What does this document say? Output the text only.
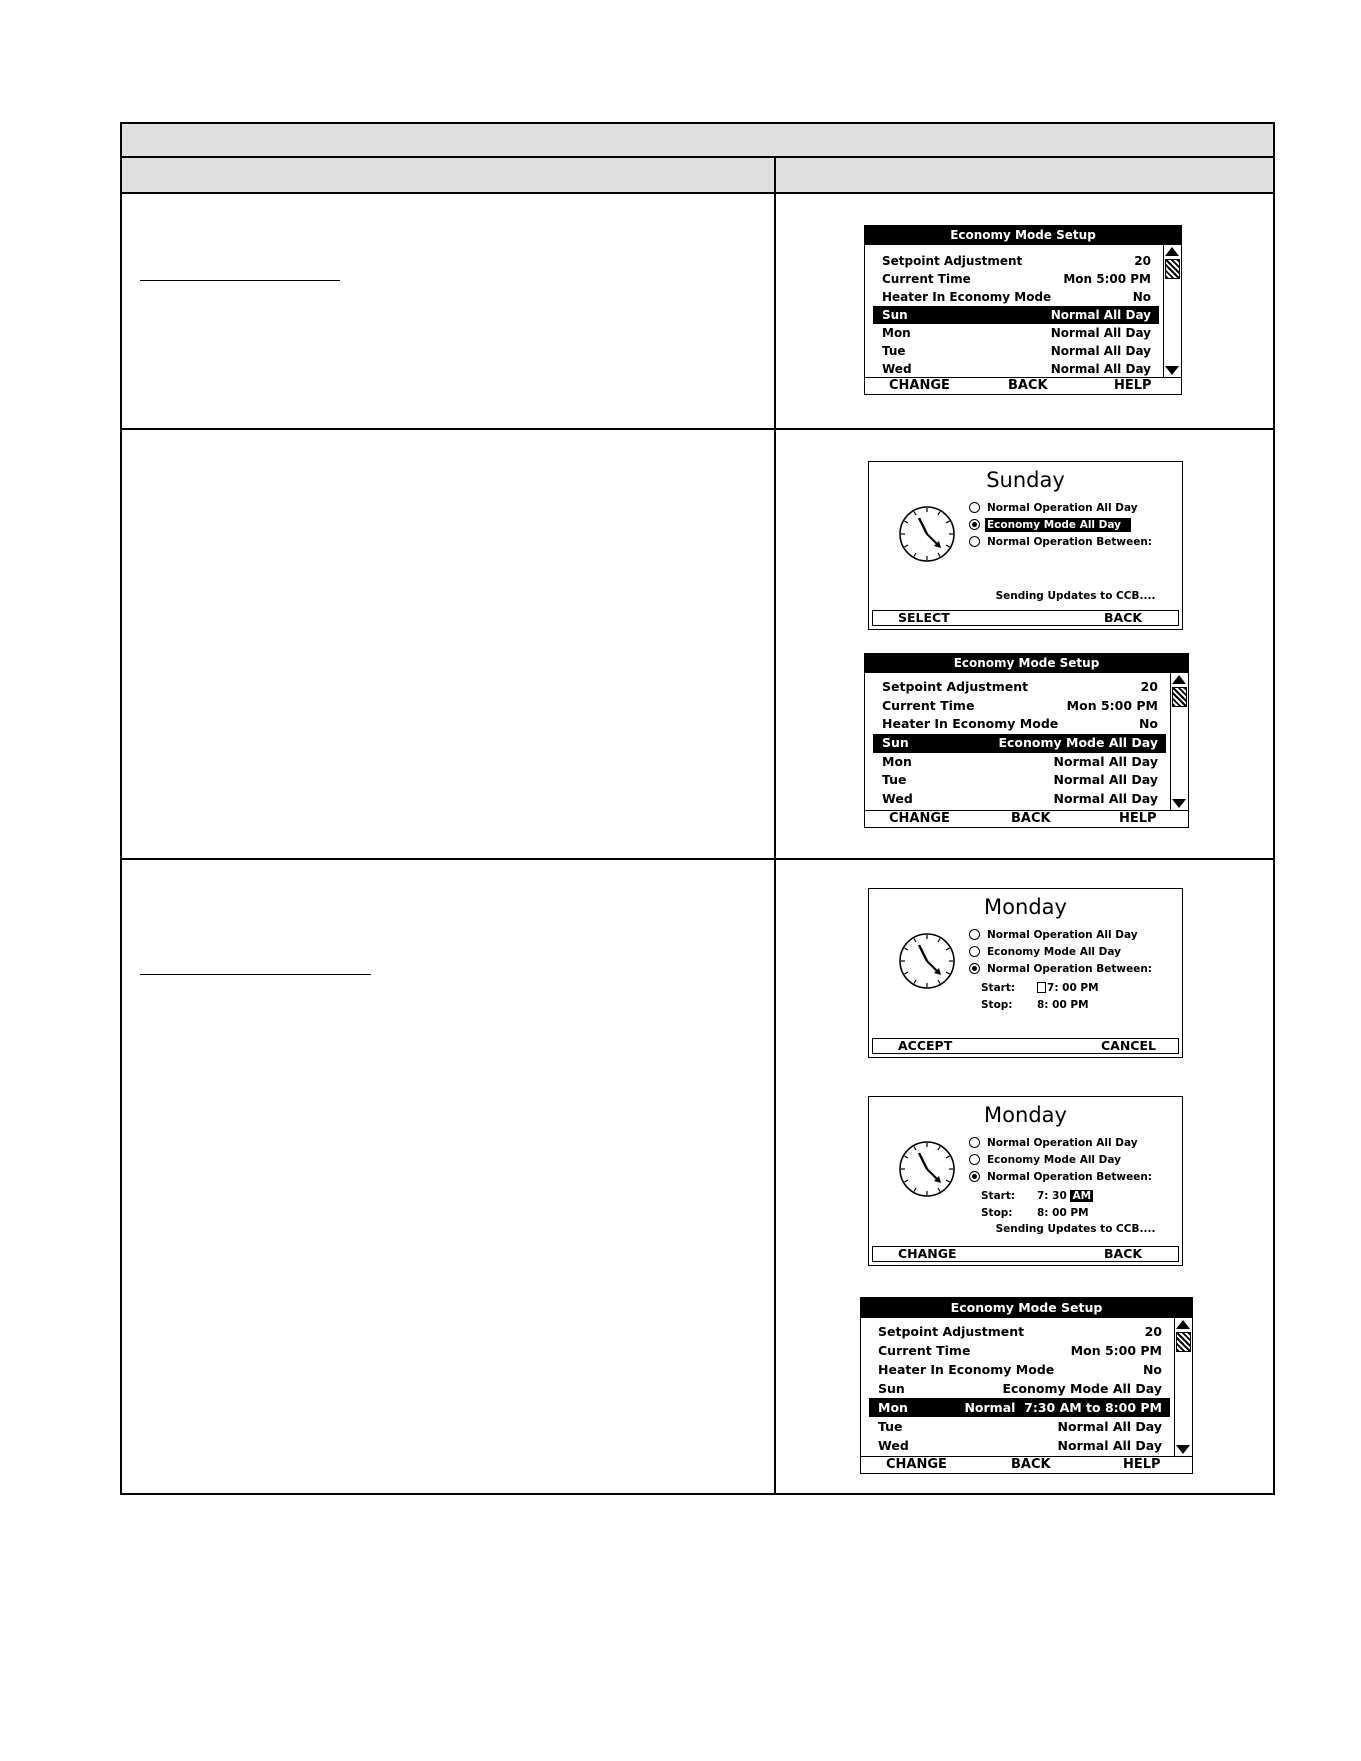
Economy Mode Setup
Setpoint Adjustment	20
Current Time	Mon 5:00 PM
Heater In Economy Mode	No
Sun	Normal All Day
Mon	Normal All Day
Tue	Normal All Day
Wed	Normal All Day
CHANGE	BACK	HELP
Sunday
Normal Operation All Day
Economy Mode All Day
Normal Operation Between:
Sending Updates to CCB....
SELECT	BACK
Economy Mode Setup
Setpoint Adjustment	20
Current Time	Mon 5:00 PM
Heater In Economy Mode	No
Sun	Economy Mode All Day
Mon	Normal All Day
Tue	Normal All Day
Wed	Normal All Day
CHANGE	BACK	HELP
Monday
Normal Operation All Day
Economy Mode All Day
Normal Operation Between:
Start:	7: 00 PM
Stop:	8: 00 PM
ACCEPT	CANCEL
Monday
Normal Operation All Day
Economy Mode All Day
Normal Operation Between:
Start:	7: 30 AM
Stop:	8: 00 PM
Sending Updates to CCB....
CHANGE	BACK
Economy Mode Setup
Setpoint Adjustment	20
Current Time	Mon 5:00 PM
Heater In Economy Mode	No
Sun	Economy Mode All Day
Mon	Normal  7:30 AM to 8:00 PM
Tue	Normal All Day
Wed	Normal All Day
CHANGE	BACK	HELP
